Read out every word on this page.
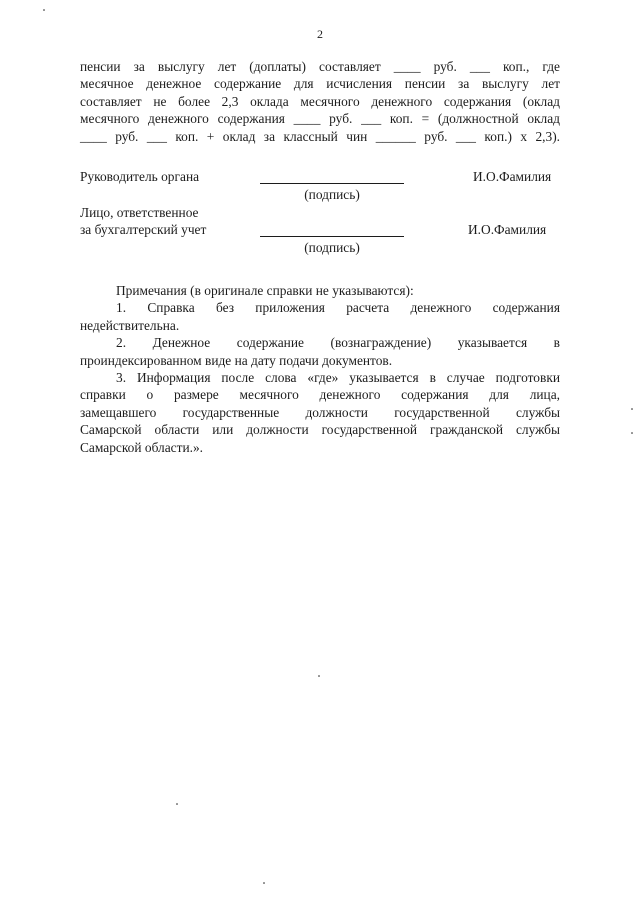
2
пенсии за выслугу лет (доплаты) составляет ____ руб. ___ коп., где
месячное денежное содержание для исчисления пенсии за выслугу лет
составляет не более 2,3 оклада месячного денежного содержания (оклад
месячного денежного содержания ____ руб. ___ коп. = (должностной оклад
____ руб. ___ коп. + оклад за классный чин ______ руб. ___ коп.) х 2,3).
Руководитель органа	И.О.Фамилия
(подпись)
Лицо, ответственное
за бухгалтерский учет	И.О.Фамилия
(подпись)
Примечания (в оригинале справки не указываются):
1. Справка без приложения расчета денежного содержания
недействительна.
2. Денежное содержание (вознаграждение) указывается в
проиндексированном виде на дату подачи документов.
3. Информация после слова «где» указывается в случае подготовки
справки о размере месячного денежного содержания для лица,
замещавшего государственные должности государственной службы
Самарской области или должности государственной гражданской службы
Самарской области.».
